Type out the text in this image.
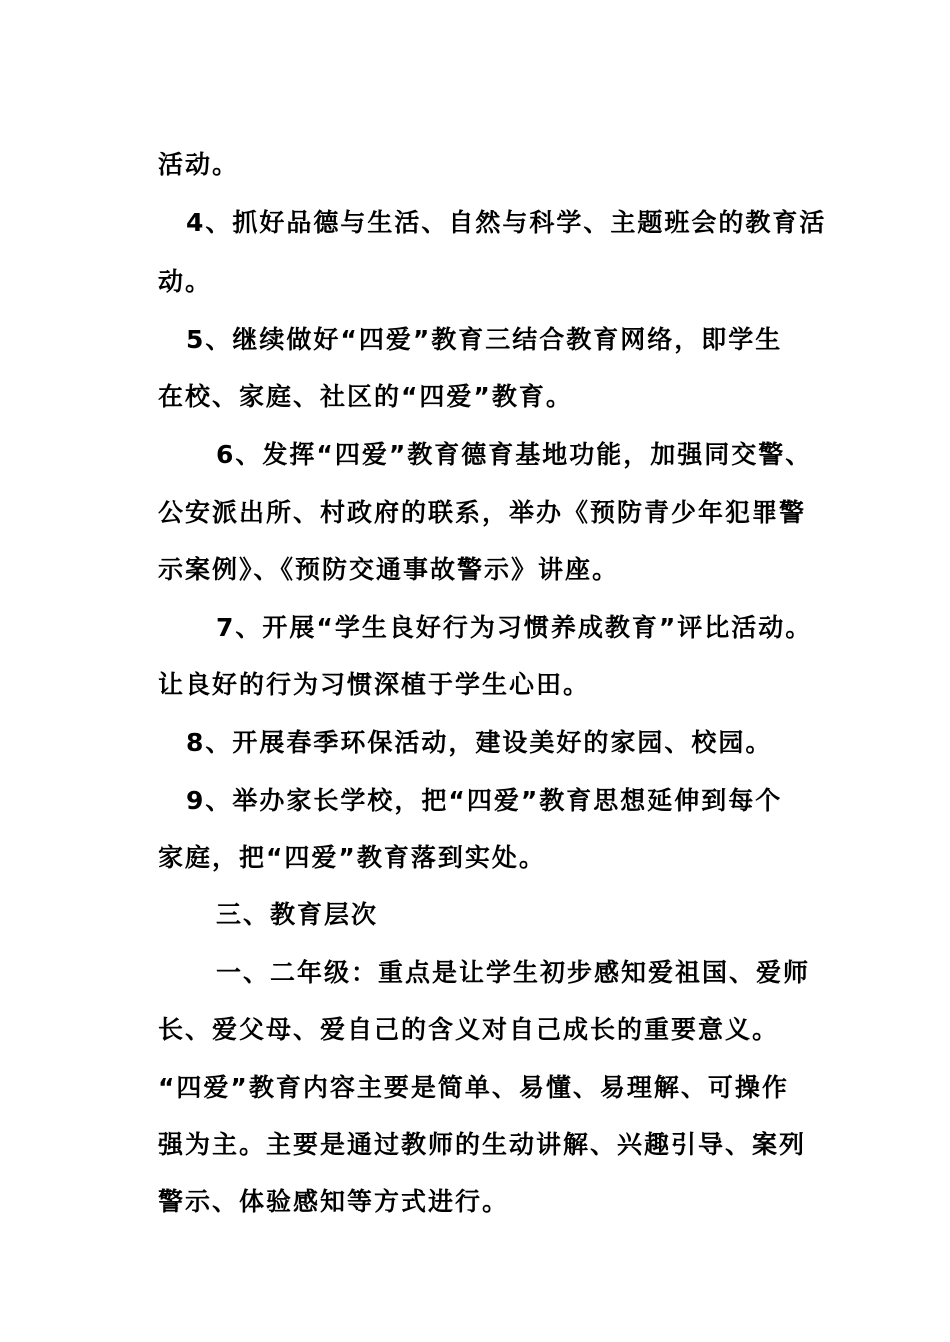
活动。
4、抓好品德与生活、自然与科学、主题班会的教育活
动。
5、继续做好“四爱”教育三结合教育网络，即学生
在校、家庭、社区的“四爱”教育。
6、发挥“四爱”教育德育基地功能，加强同交警、
公安派出所、村政府的联系，举办《预防青少年犯罪警
示案例》、《预防交通事故警示》讲座。
7、开展“学生良好行为习惯养成教育”评比活动。
让良好的行为习惯深植于学生心田。
8、开展春季环保活动，建设美好的家园、校园。
9、举办家长学校，把“四爱”教育思想延伸到每个
家庭，把“四爱”教育落到实处。
三、教育层次
一、二年级：重点是让学生初步感知爱祖国、爱师
长、爱父母、爱自己的含义对自己成长的重要意义。
“四爱”教育内容主要是简单、易懂、易理解、可操作
强为主。主要是通过教师的生动讲解、兴趣引导、案列
警示、体验感知等方式进行。
